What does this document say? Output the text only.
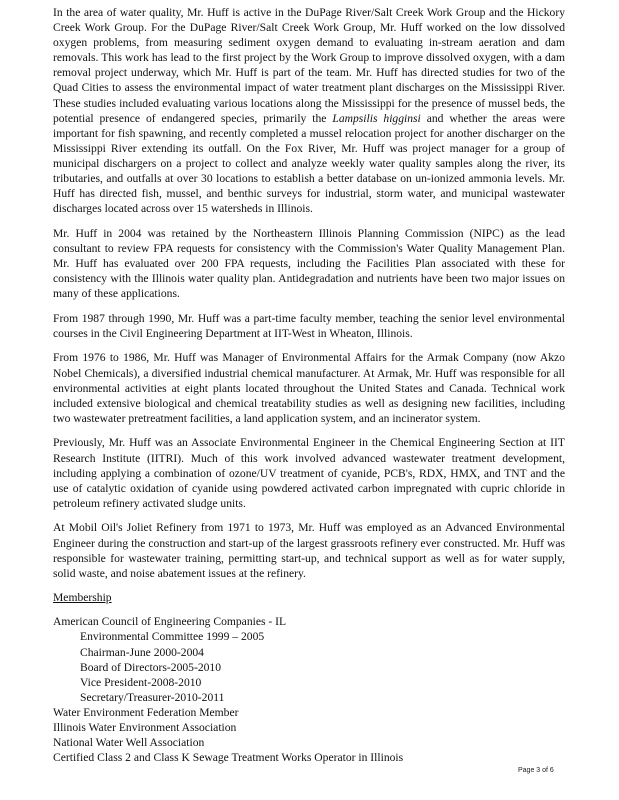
In the area of water quality, Mr. Huff is active in the DuPage River/Salt Creek Work Group and the Hickory Creek Work Group. For the DuPage River/Salt Creek Work Group, Mr. Huff worked on the low dissolved oxygen problems, from measuring sediment oxygen demand to evaluating in-stream aeration and dam removals. This work has lead to the first project by the Work Group to improve dissolved oxygen, with a dam removal project underway, which Mr. Huff is part of the team. Mr. Huff has directed studies for two of the Quad Cities to assess the environmental impact of water treatment plant discharges on the Mississippi River. These studies included evaluating various locations along the Mississippi for the presence of mussel beds, the potential presence of endangered species, primarily the Lampsilis higginsi and whether the areas were important for fish spawning, and recently completed a mussel relocation project for another discharger on the Mississippi River extending its outfall. On the Fox River, Mr. Huff was project manager for a group of municipal dischargers on a project to collect and analyze weekly water quality samples along the river, its tributaries, and outfalls at over 30 locations to establish a better database on un-ionized ammonia levels. Mr. Huff has directed fish, mussel, and benthic surveys for industrial, storm water, and municipal wastewater discharges located across over 15 watersheds in Illinois.

Mr. Huff in 2004 was retained by the Northeastern Illinois Planning Commission (NIPC) as the lead consultant to review FPA requests for consistency with the Commission's Water Quality Management Plan. Mr. Huff has evaluated over 200 FPA requests, including the Facilities Plan associated with these for consistency with the Illinois water quality plan. Antidegradation and nutrients have been two major issues on many of these applications.

From 1987 through 1990, Mr. Huff was a part-time faculty member, teaching the senior level environmental courses in the Civil Engineering Department at IIT-West in Wheaton, Illinois.

From 1976 to 1986, Mr. Huff was Manager of Environmental Affairs for the Armak Company (now Akzo Nobel Chemicals), a diversified industrial chemical manufacturer. At Armak, Mr. Huff was responsible for all environmental activities at eight plants located throughout the United States and Canada. Technical work included extensive biological and chemical treatability studies as well as designing new facilities, including two wastewater pretreatment facilities, a land application system, and an incinerator system.

Previously, Mr. Huff was an Associate Environmental Engineer in the Chemical Engineering Section at IIT Research Institute (IITRI). Much of this work involved advanced wastewater treatment development, including applying a combination of ozone/UV treatment of cyanide, PCB's, RDX, HMX, and TNT and the use of catalytic oxidation of cyanide using powdered activated carbon impregnated with cupric chloride in petroleum refinery activated sludge units.

At Mobil Oil's Joliet Refinery from 1971 to 1973, Mr. Huff was employed as an Advanced Environmental Engineer during the construction and start-up of the largest grassroots refinery ever constructed. Mr. Huff was responsible for wastewater training, permitting start-up, and technical support as well as for water supply, solid waste, and noise abatement issues at the refinery.

Membership

American Council of Engineering Companies - IL
Environmental Committee 1999 – 2005
Chairman-June 2000-2004
Board of Directors-2005-2010
Vice President-2008-2010
Secretary/Treasurer-2010-2011
Water Environment Federation Member
Illinois Water Environment Association
National Water Well Association
Certified Class 2 and Class K Sewage Treatment Works Operator in Illinois
Page 3 of 6
